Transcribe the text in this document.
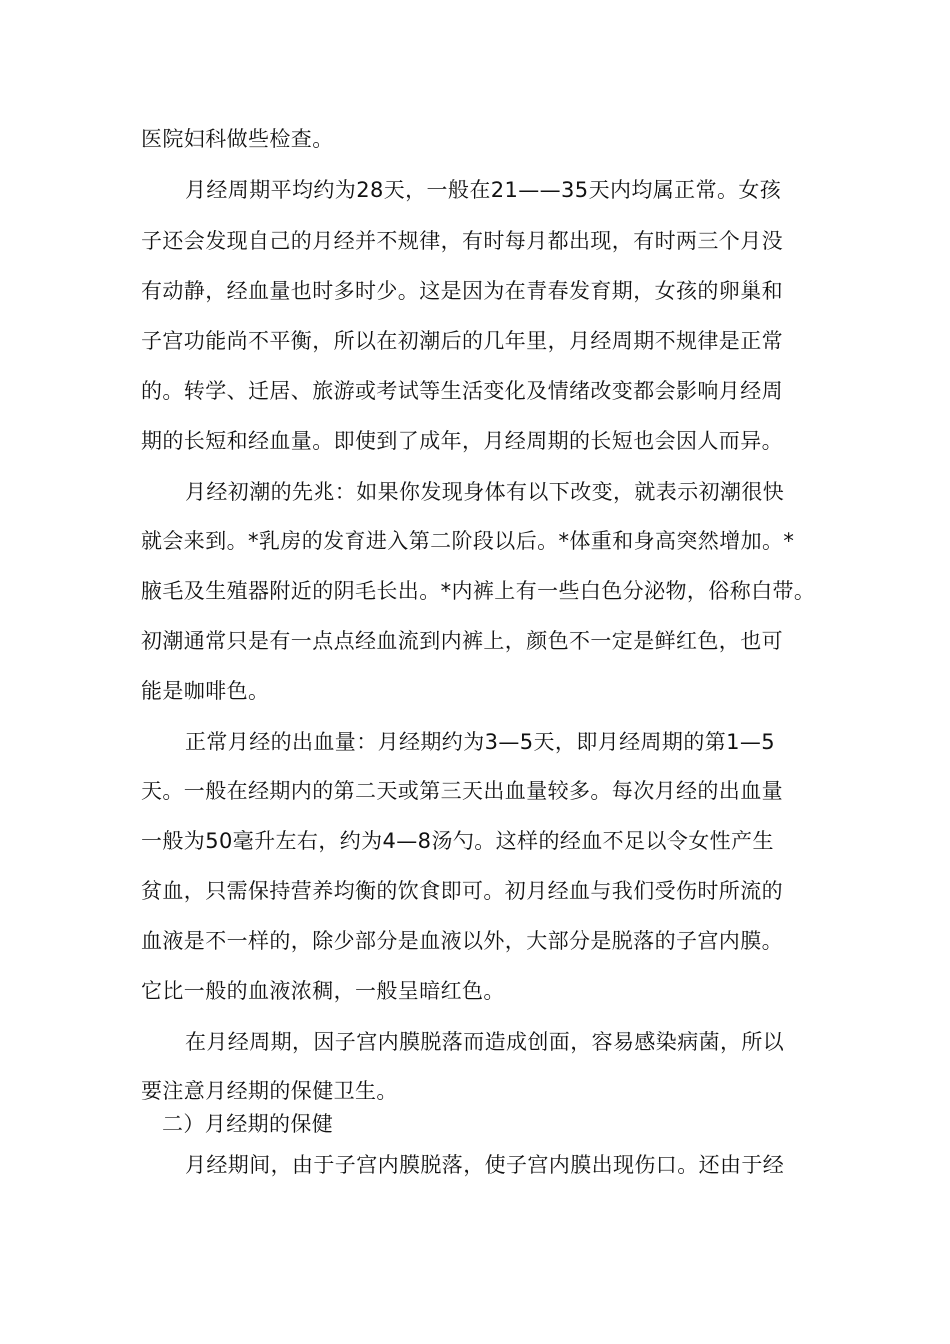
医院妇科做些检查。
月经周期平均约为28天，一般在21——35天内均属正常。女孩
子还会发现自己的月经并不规律，有时每月都出现，有时两三个月没
有动静，经血量也时多时少。这是因为在青春发育期，女孩的卵巢和
子宫功能尚不平衡，所以在初潮后的几年里，月经周期不规律是正常
的。转学、迁居、旅游或考试等生活变化及情绪改变都会影响月经周
期的长短和经血量。即使到了成年，月经周期的长短也会因人而异。
月经初潮的先兆：如果你发现身体有以下改变，就表示初潮很快
就会来到。*乳房的发育进入第二阶段以后。*体重和身高突然增加。*
腋毛及生殖器附近的阴毛长出。*内裤上有一些白色分泌物，俗称白带。
初潮通常只是有一点点经血流到内裤上，颜色不一定是鲜红色，也可
能是咖啡色。
正常月经的出血量：月经期约为3—5天，即月经周期的第1—5
天。一般在经期内的第二天或第三天出血量较多。每次月经的出血量
一般为50毫升左右，约为4—8汤勺。这样的经血不足以令女性产生
贫血，只需保持营养均衡的饮食即可。初月经血与我们受伤时所流的
血液是不一样的，除少部分是血液以外，大部分是脱落的子宫内膜。
它比一般的血液浓稠，一般呈暗红色。
在月经周期，因子宫内膜脱落而造成创面，容易感染病菌，所以
要注意月经期的保健卫生。
二）月经期的保健
月经期间，由于子宫内膜脱落，使子宫内膜出现伤口。还由于经
